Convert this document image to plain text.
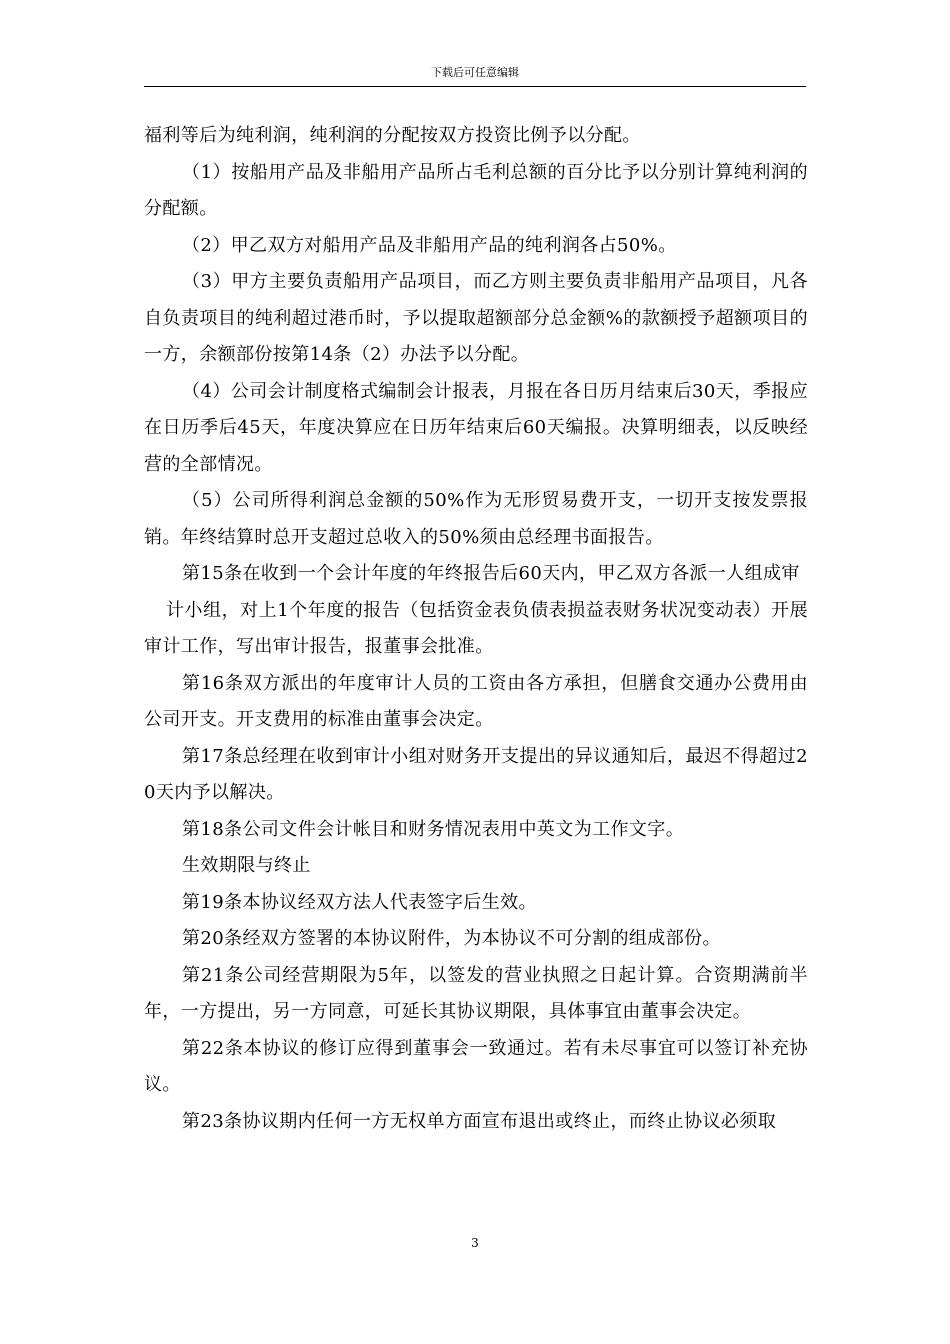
下载后可任意编辑

福利等后为纯利润，纯利润的分配按双方投资比例予以分配。

（1）按船用产品及非船用产品所占毛利总额的百分比予以分别计算纯利润的分配额。

（2）甲乙双方对船用产品及非船用产品的纯利润各占50%。

（3）甲方主要负责船用产品项目，而乙方则主要负责非船用产品项目，凡各自负责项目的纯利超过港币时，予以提取超额部分总金额%的款额授予超额项目的一方，余额部份按第14条（2）办法予以分配。

（4）公司会计制度格式编制会计报表，月报在各日历月结束后30天，季报应在日历季后45天，年度决算应在日历年结束后60天编报。决算明细表，以反映经营的全部情况。

（5）公司所得利润总金额的50%作为无形贸易费开支，一切开支按发票报销。年终结算时总开支超过总收入的50%须由总经理书面报告。

第15条在收到一个会计年度的年终报告后60天内，甲乙双方各派一人组成审

计小组，对上1个年度的报告（包括资金表负债表损益表财务状况变动表）开展审计工作，写出审计报告，报董事会批准。

第16条双方派出的年度审计人员的工资由各方承担，但膳食交通办公费用由公司开支。开支费用的标准由董事会决定。

第17条总经理在收到审计小组对财务开支提出的异议通知后，最迟不得超过20天内予以解决。

第18条公司文件会计帐目和财务情况表用中英文为工作文字。

生效期限与终止

第19条本协议经双方法人代表签字后生效。

第20条经双方签署的本协议附件，为本协议不可分割的组成部份。

第21条公司经营期限为5年，以签发的营业执照之日起计算。合资期满前半年，一方提出，另一方同意，可延长其协议期限，具体事宜由董事会决定。

第22条本协议的修订应得到董事会一致通过。若有未尽事宜可以签订补充协议。

第23条协议期内任何一方无权单方面宣布退出或终止，而终止协议必须取

3
